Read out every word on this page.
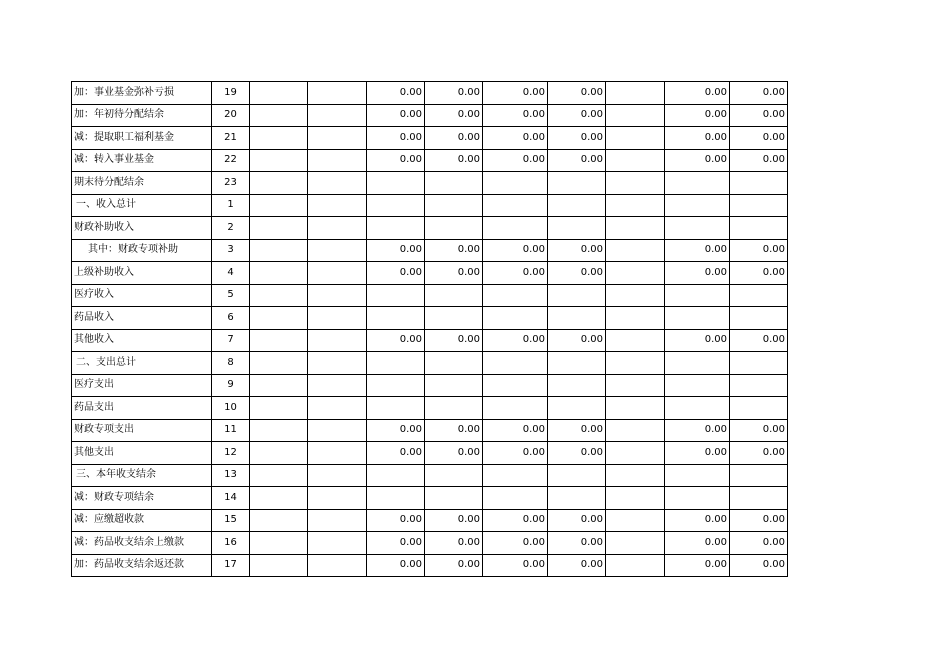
加：事业基金弥补亏损	19			0.00	0.00	0.00	0.00		0.00	0.00
加：年初待分配结余	20			0.00	0.00	0.00	0.00		0.00	0.00
减：提取职工福利基金	21			0.00	0.00	0.00	0.00		0.00	0.00
减：转入事业基金	22			0.00	0.00	0.00	0.00		0.00	0.00
期末待分配结余	23									
一、收入总计	1									
财政补助收入	2									
其中：财政专项补助	3			0.00	0.00	0.00	0.00		0.00	0.00
上级补助收入	4			0.00	0.00	0.00	0.00		0.00	0.00
医疗收入	5									
药品收入	6									
其他收入	7			0.00	0.00	0.00	0.00		0.00	0.00
二、支出总计	8									
医疗支出	9									
药品支出	10									
财政专项支出	11			0.00	0.00	0.00	0.00		0.00	0.00
其他支出	12			0.00	0.00	0.00	0.00		0.00	0.00
三、本年收支结余	13									
减：财政专项结余	14									
减：应缴超收款	15			0.00	0.00	0.00	0.00		0.00	0.00
减：药品收支结余上缴款	16			0.00	0.00	0.00	0.00		0.00	0.00
加：药品收支结余返还款	17			0.00	0.00	0.00	0.00		0.00	0.00
